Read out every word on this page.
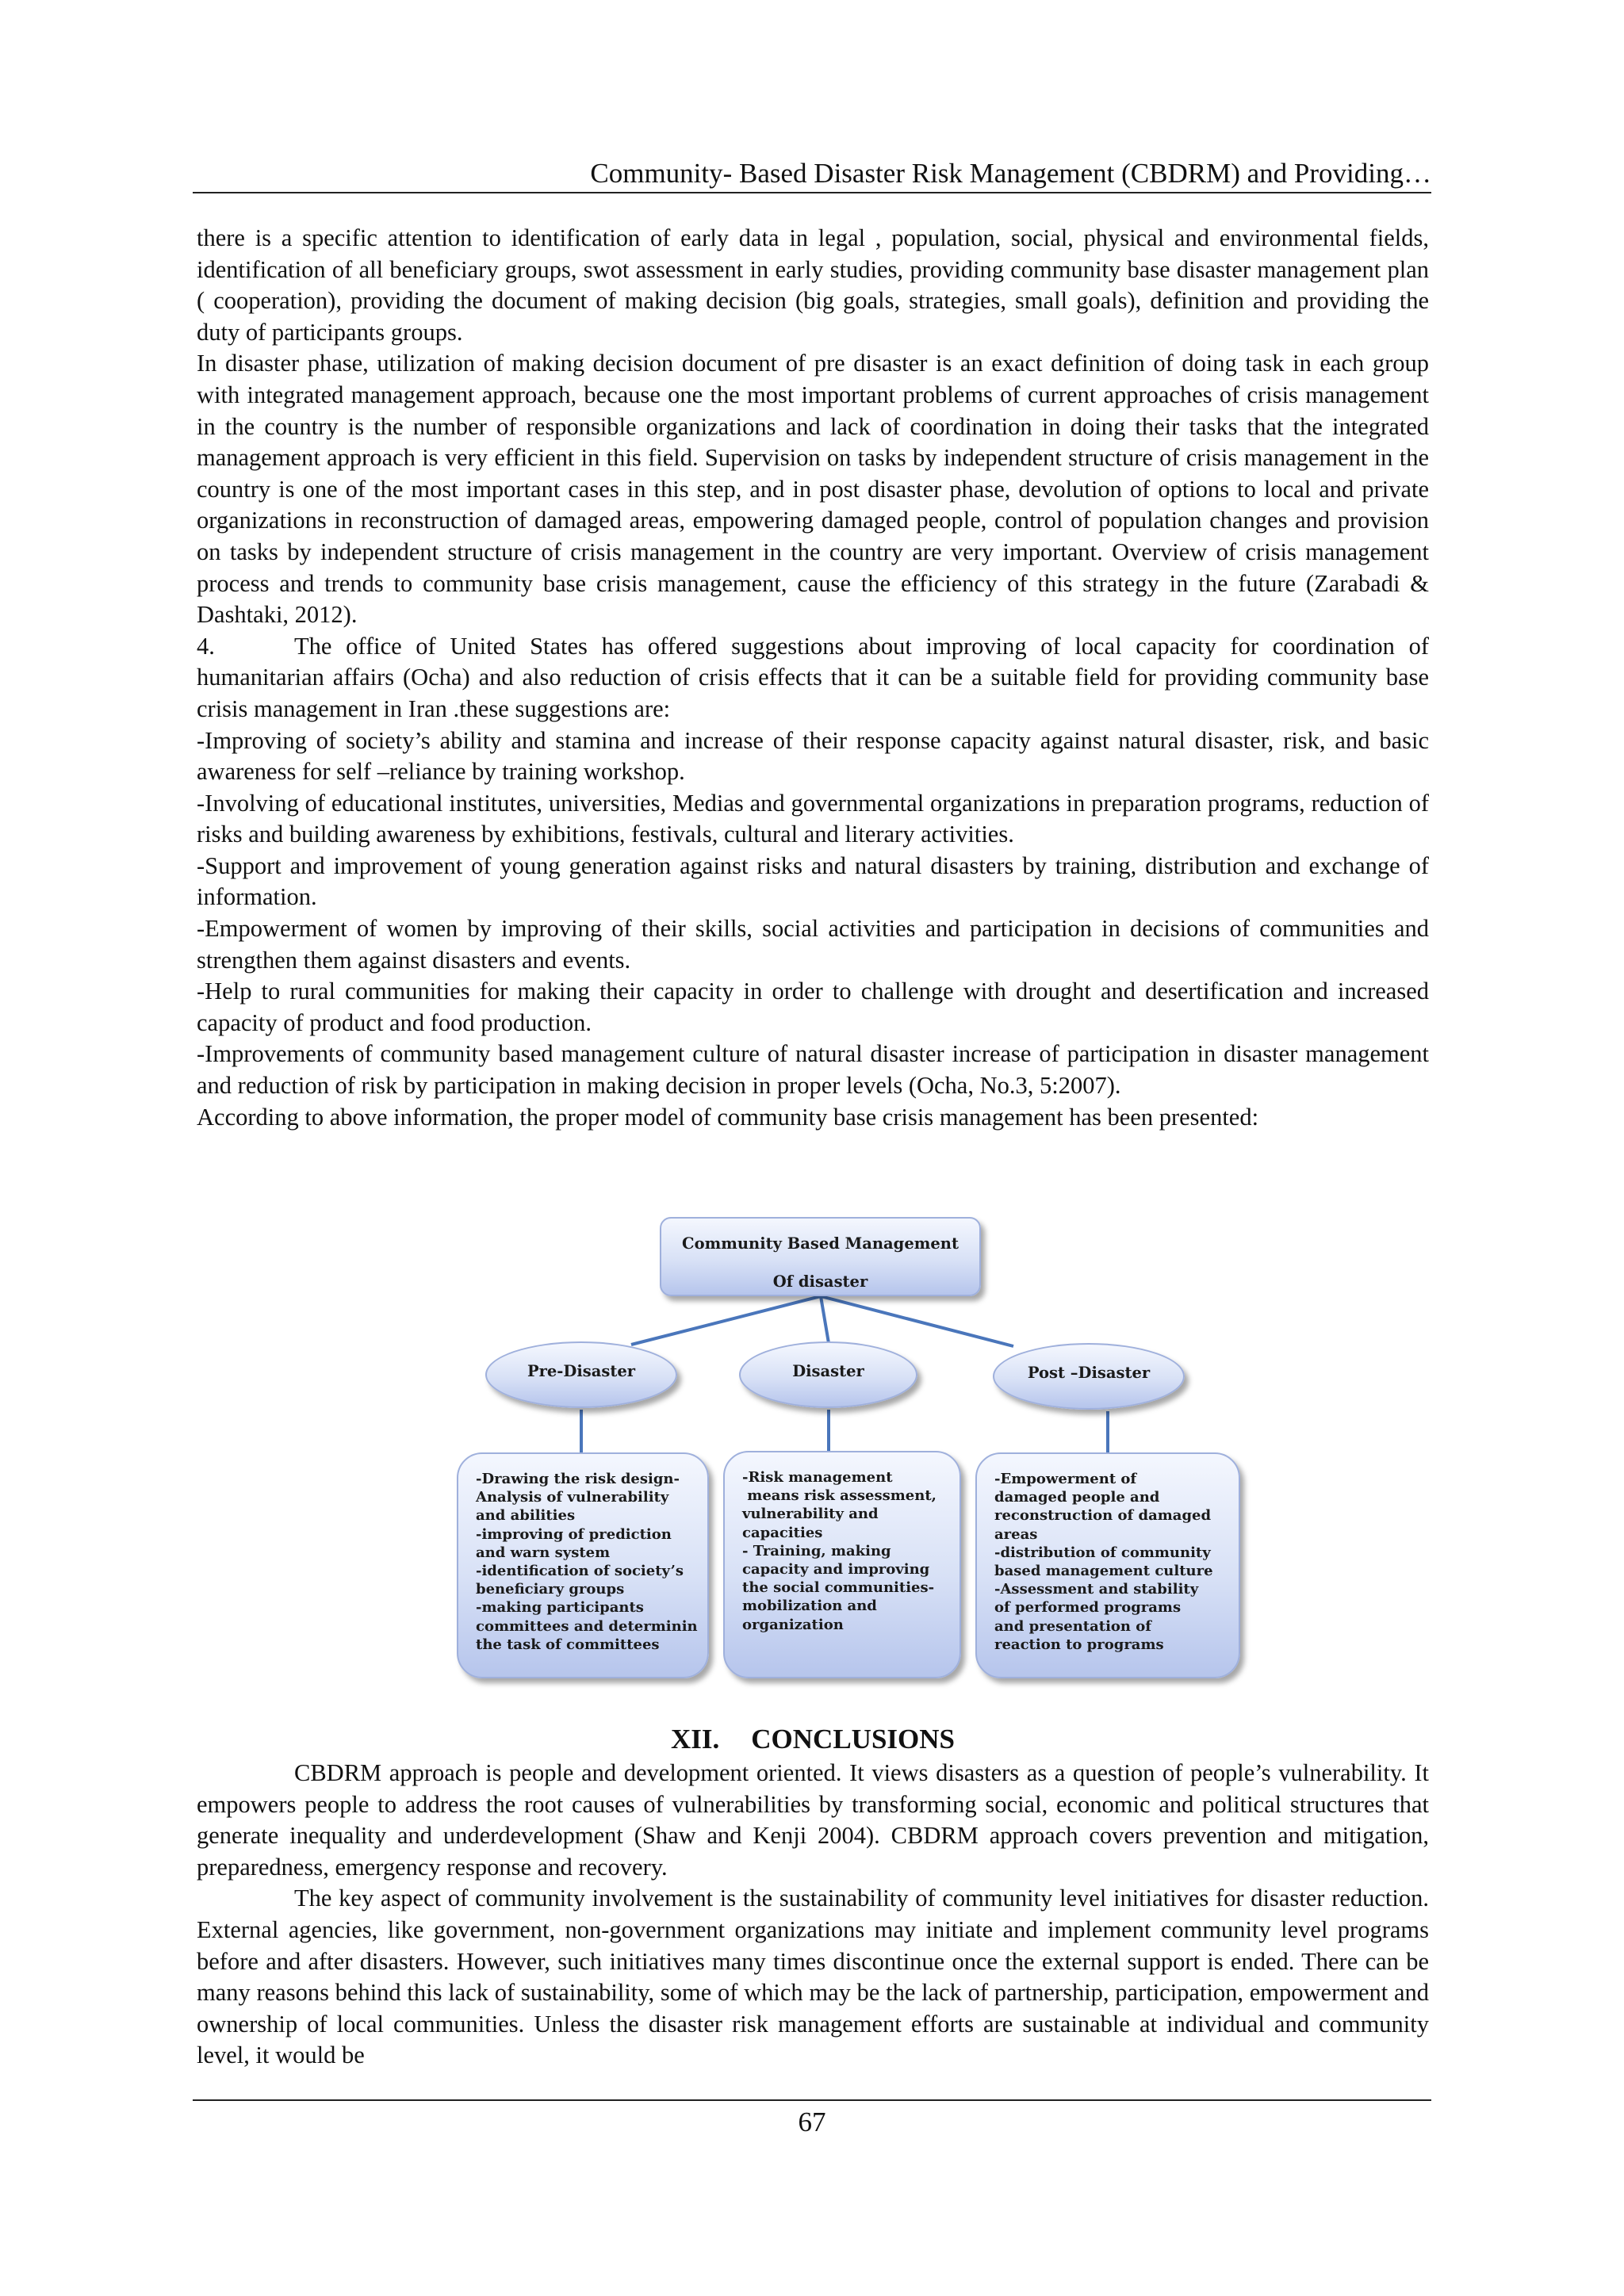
Community- Based Disaster Risk Management (CBDRM) and Providing…

there is a specific attention to identification of early data in legal , population, social, physical and environmental fields, identification of all beneficiary groups, swot assessment in early studies, providing community base disaster management plan ( cooperation), providing the document of making decision (big goals, strategies, small goals), definition and providing the duty of participants groups.

In disaster phase, utilization of making decision document of pre disaster is an exact definition of doing task in each group with integrated management approach, because one the most important problems of current approaches of crisis management in the country is the number of responsible organizations and lack of coordination in doing their tasks that the integrated management approach is very efficient in this field. Supervision on tasks by independent structure of crisis management in the country is one of the most important cases in this step, and in post disaster phase, devolution of options to local and private organizations in reconstruction of damaged areas, empowering damaged people, control of population changes and provision on tasks by independent structure of crisis management in the country are very important. Overview of crisis management process and trends to community base crisis management, cause the efficiency of this strategy in the future (Zarabadi & Dashtaki, 2012).

4.	The office of United States has offered suggestions about improving of local capacity for coordination of humanitarian affairs (Ocha) and also reduction of crisis effects that it can be a suitable field for providing community base crisis management in Iran .these suggestions are:

-Improving of society’s ability and stamina and increase of their response capacity against natural disaster, risk, and basic awareness for self –reliance by training workshop.

-Involving of educational institutes, universities, Medias and governmental organizations in preparation programs, reduction of risks and building awareness by exhibitions, festivals, cultural and literary activities.

-Support and improvement of young generation against risks and natural disasters by training, distribution and exchange of information.

-Empowerment of women by improving of their skills, social activities and participation in decisions of communities and strengthen them against disasters and events.

-Help to rural communities for making their capacity in order to challenge with drought and desertification and increased capacity of product and food production.

-Improvements of community based management culture of natural disaster increase of participation in disaster management and reduction of risk by participation in making decision in proper levels (Ocha, No.3, 5:2007).

According to above information, the proper model of community base crisis management has been presented:

Community Based Management
Of disaster
Pre-Disaster	Disaster	Post –Disaster
-Drawing the risk design-
Analysis of vulnerability
and abilities
-improving of prediction
and warn system
-identification of society’s
beneficiary groups
-making participants
committees and determinin
the task of committees
-Risk management
means risk assessment,
vulnerability and
capacities
- Training, making
capacity and improving
the social communities-
mobilization and
organization
-Empowerment of
damaged people and
reconstruction of damaged
areas
-distribution of community
based management culture
-Assessment and stability
of performed programs
and presentation of
reaction to programs
XII. CONCLUSIONS

CBDRM approach is people and development oriented. It views disasters as a question of people’s vulnerability. It empowers people to address the root causes of vulnerabilities by transforming social, economic and political structures that generate inequality and underdevelopment (Shaw and Kenji 2004). CBDRM approach covers prevention and mitigation, preparedness, emergency response and recovery.

The key aspect of community involvement is the sustainability of community level initiatives for disaster reduction. External agencies, like government, non-government organizations may initiate and implement community level programs before and after disasters. However, such initiatives many times discontinue once the external support is ended. There can be many reasons behind this lack of sustainability, some of which may be the lack of partnership, participation, empowerment and ownership of local communities. Unless the disaster risk management efforts are sustainable at individual and community level, it would be

67
